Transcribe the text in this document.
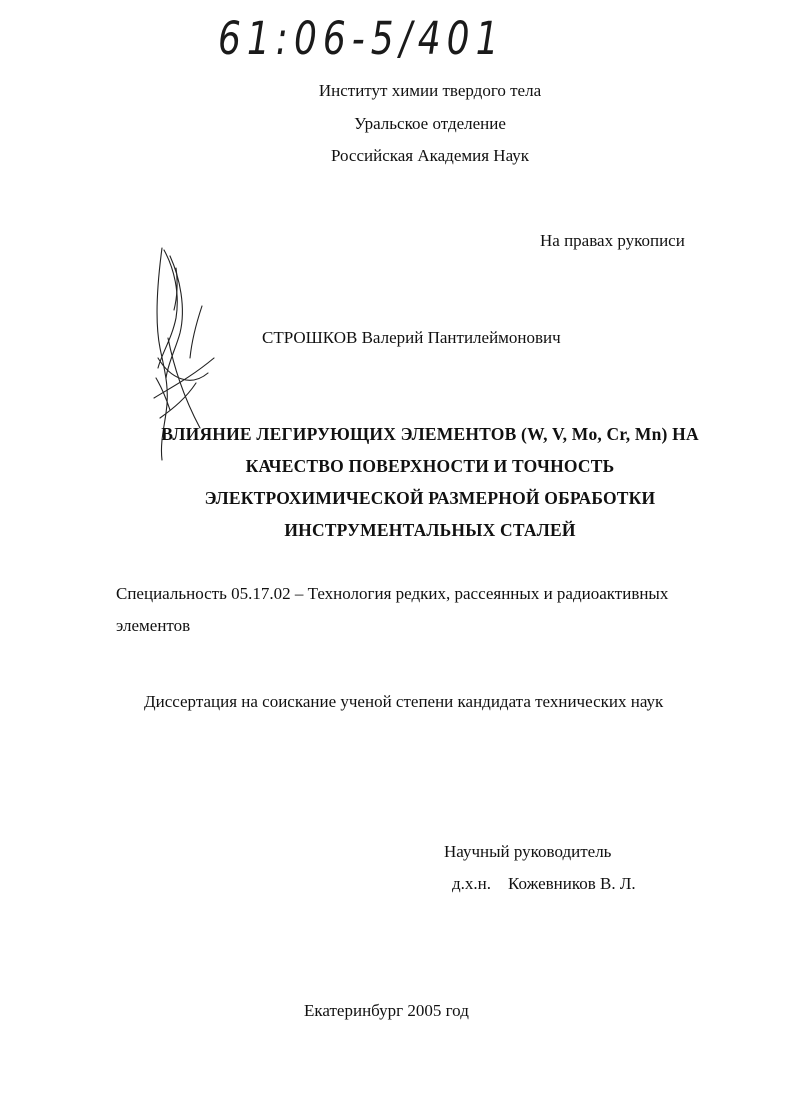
61:06-5/401
Институт химии твердого тела
Уральское отделение
Российская Академия Наук
На правах рукописи
СТРОШКОВ Валерий Пантилеймонович
ВЛИЯНИЕ ЛЕГИРУЮЩИХ ЭЛЕМЕНТОВ (W, V, Mo, Cr, Mn) НА
КАЧЕСТВО ПОВЕРХНОСТИ И ТОЧНОСТЬ
ЭЛЕКТРОХИМИЧЕСКОЙ РАЗМЕРНОЙ ОБРАБОТКИ
ИНСТРУМЕНТАЛЬНЫХ СТАЛЕЙ
Специальность 05.17.02 – Технология редких, рассеянных и радиоактивных
элементов
Диссертация на соискание ученой степени кандидата технических наук
Научный руководитель
д.х.н. Кожевников В. Л.
Екатеринбург 2005 год
